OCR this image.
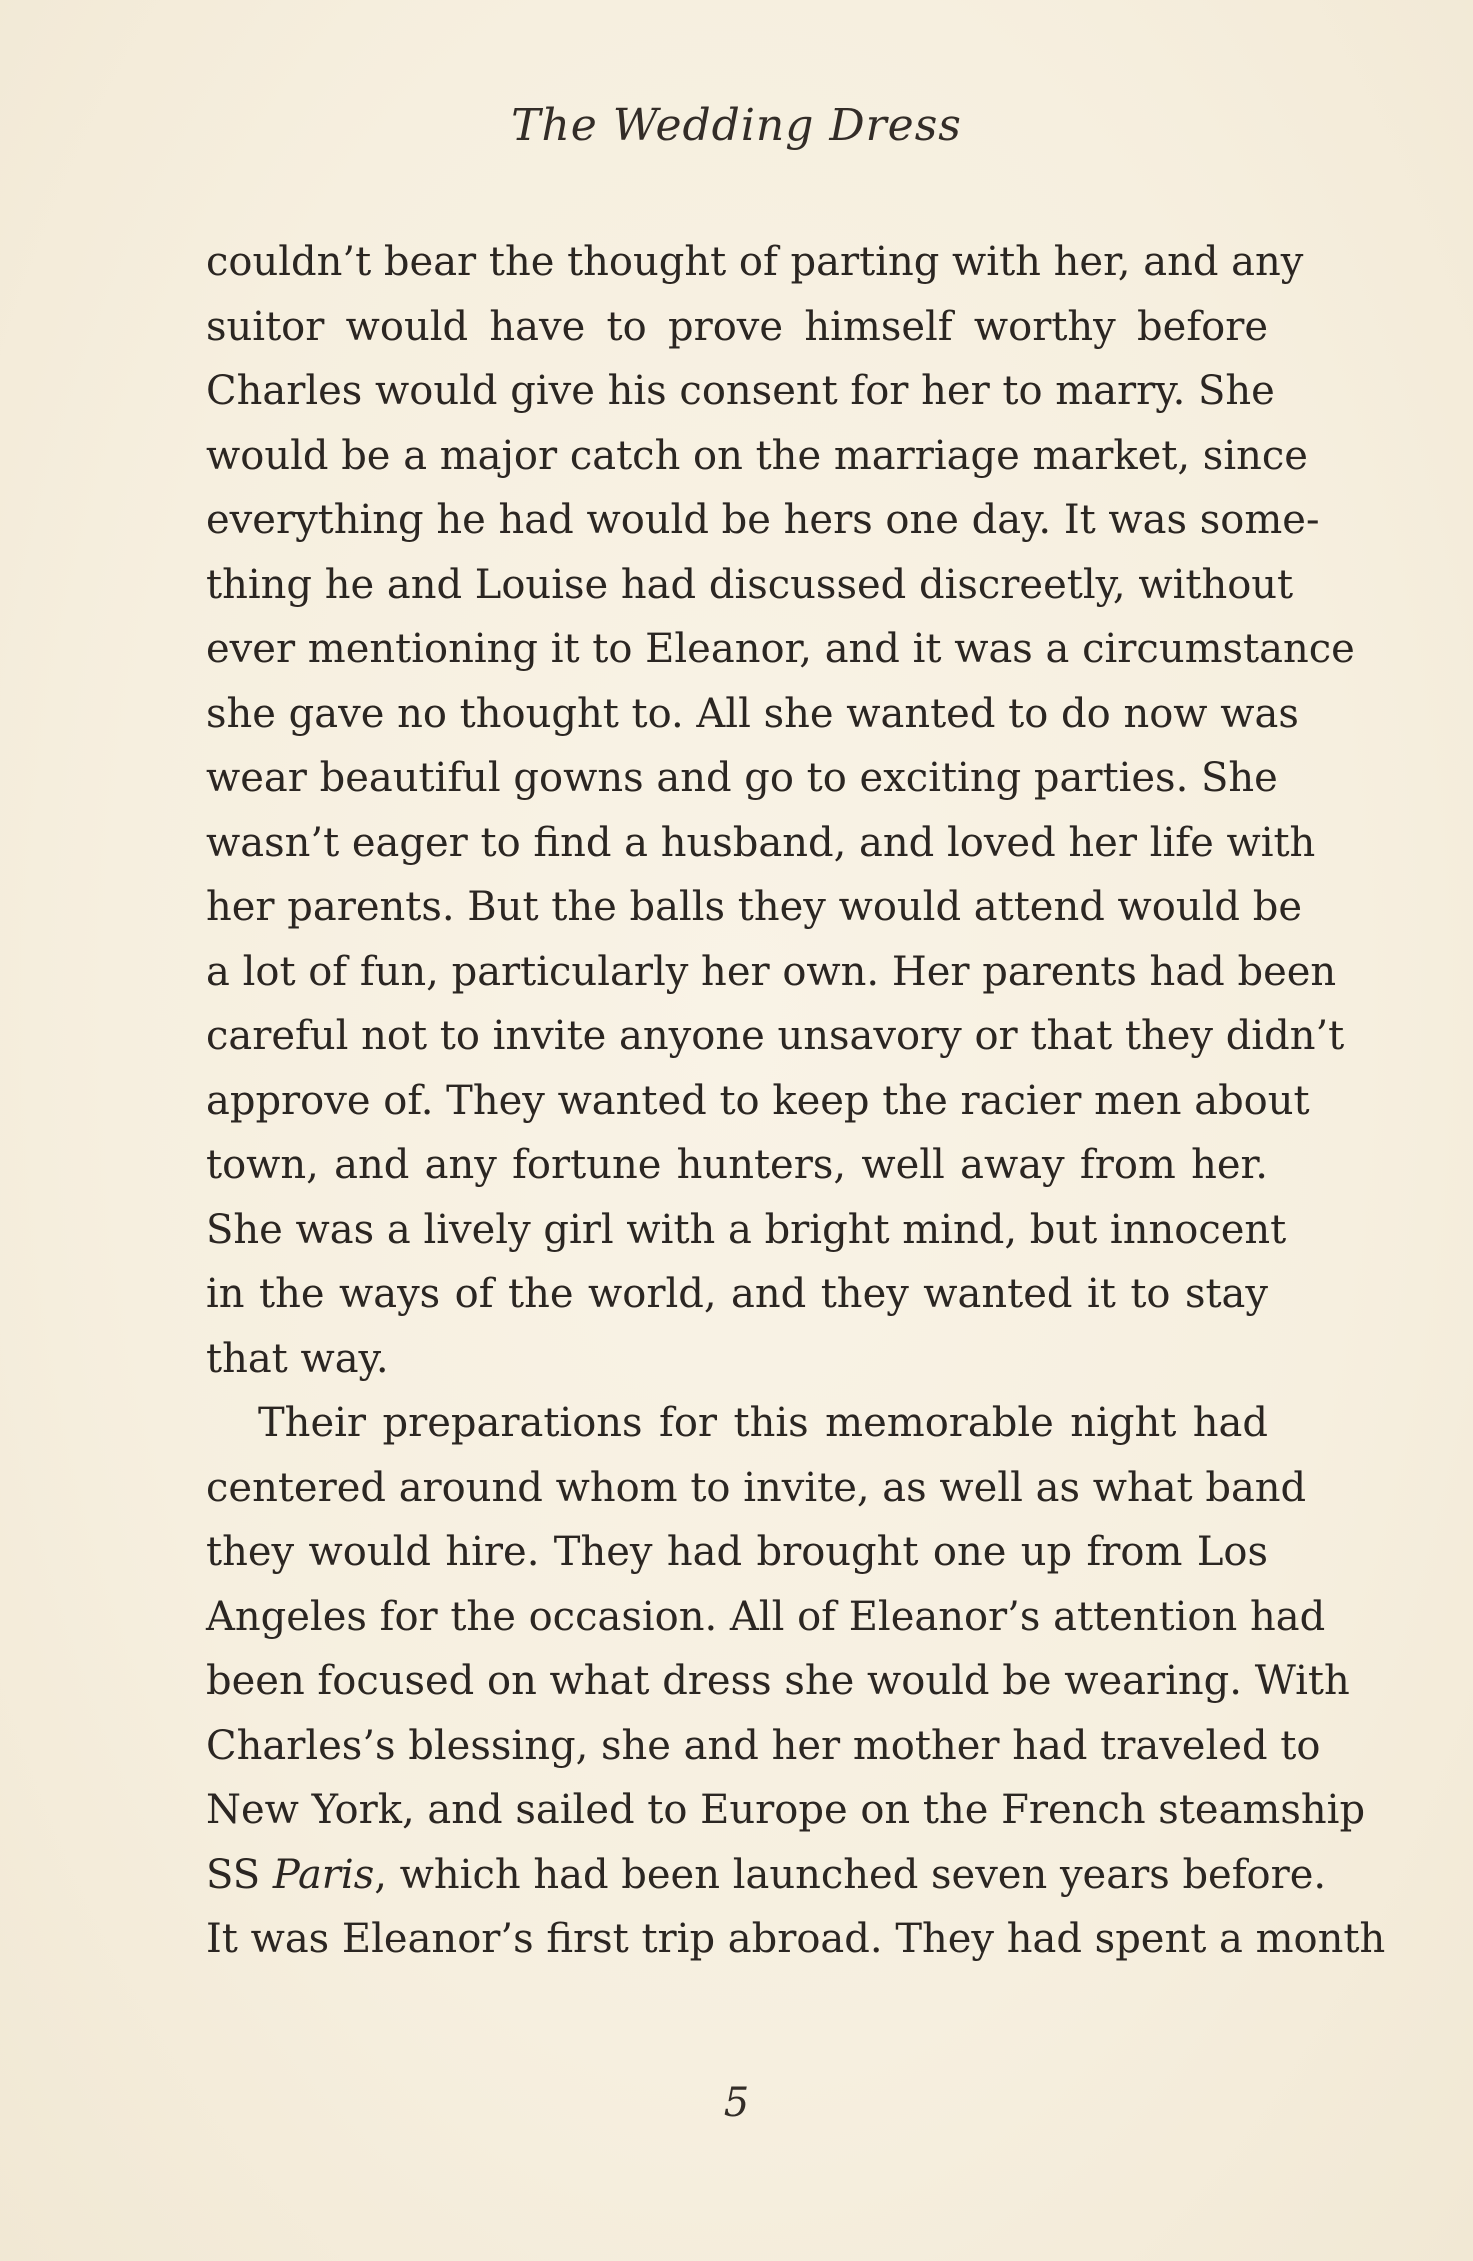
The Wedding Dress
couldn’t bear the thought of parting with her, and any
suitor would have to prove himself worthy before
Charles would give his consent for her to marry. She
would be a major catch on the marriage market, since
everything he had would be hers one day. It was some-
thing he and Louise had discussed discreetly, without
ever mentioning it to Eleanor, and it was a circumstance
she gave no thought to. All she wanted to do now was
wear beautiful gowns and go to exciting parties. She
wasn’t eager to find a husband, and loved her life with
her parents. But the balls they would attend would be
a lot of fun, particularly her own. Her parents had been
careful not to invite anyone unsavory or that they didn’t
approve of. They wanted to keep the racier men about
town, and any fortune hunters, well away from her.
She was a lively girl with a bright mind, but innocent
in the ways of the world, and they wanted it to stay
that way.
Their preparations for this memorable night had
centered around whom to invite, as well as what band
they would hire. They had brought one up from Los
Angeles for the occasion. All of Eleanor’s attention had
been focused on what dress she would be wearing. With
Charles’s blessing, she and her mother had traveled to
New York, and sailed to Europe on the French steamship
SS Paris, which had been launched seven years before.
It was Eleanor’s first trip abroad. They had spent a month
5
